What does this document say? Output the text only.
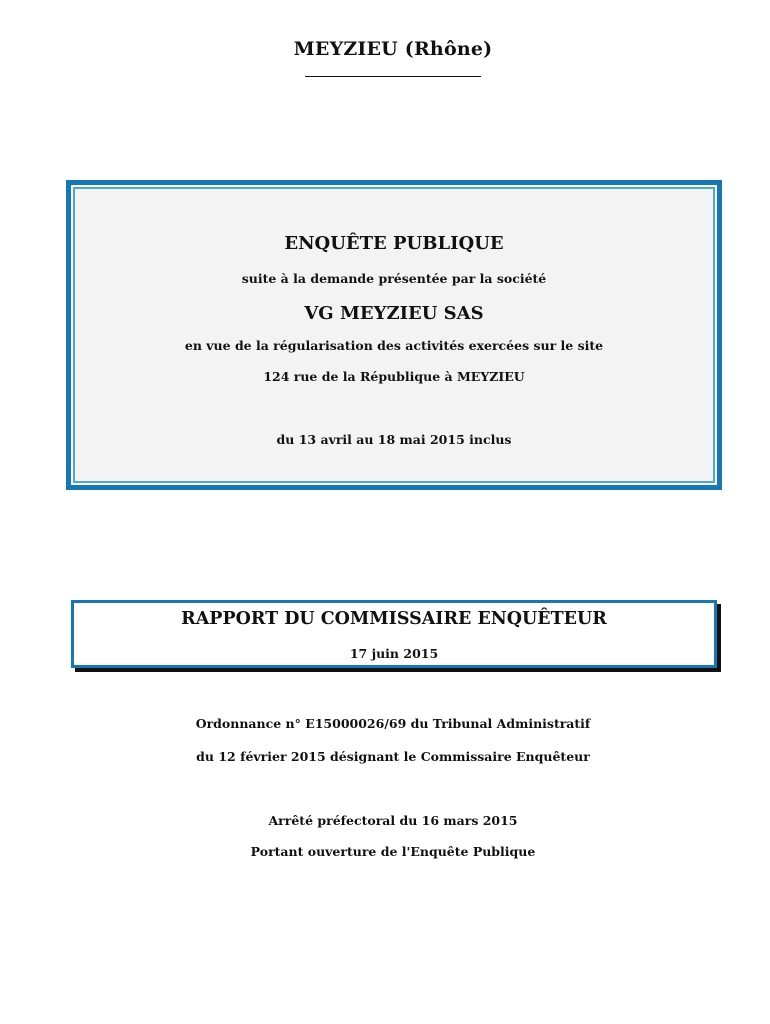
MEYZIEU (Rhône)
ENQUÊTE PUBLIQUE
suite à la demande présentée par la société
VG MEYZIEU SAS
en vue de la régularisation des activités exercées sur le site
124 rue de la République à MEYZIEU
du 13 avril au 18 mai 2015 inclus
RAPPORT DU COMMISSAIRE ENQUÊTEUR
17 juin 2015
Ordonnance n° E15000026/69 du Tribunal Administratif
du 12 février 2015 désignant le Commissaire Enquêteur
Arrêté préfectoral du 16 mars 2015
Portant ouverture de l'Enquête Publique
